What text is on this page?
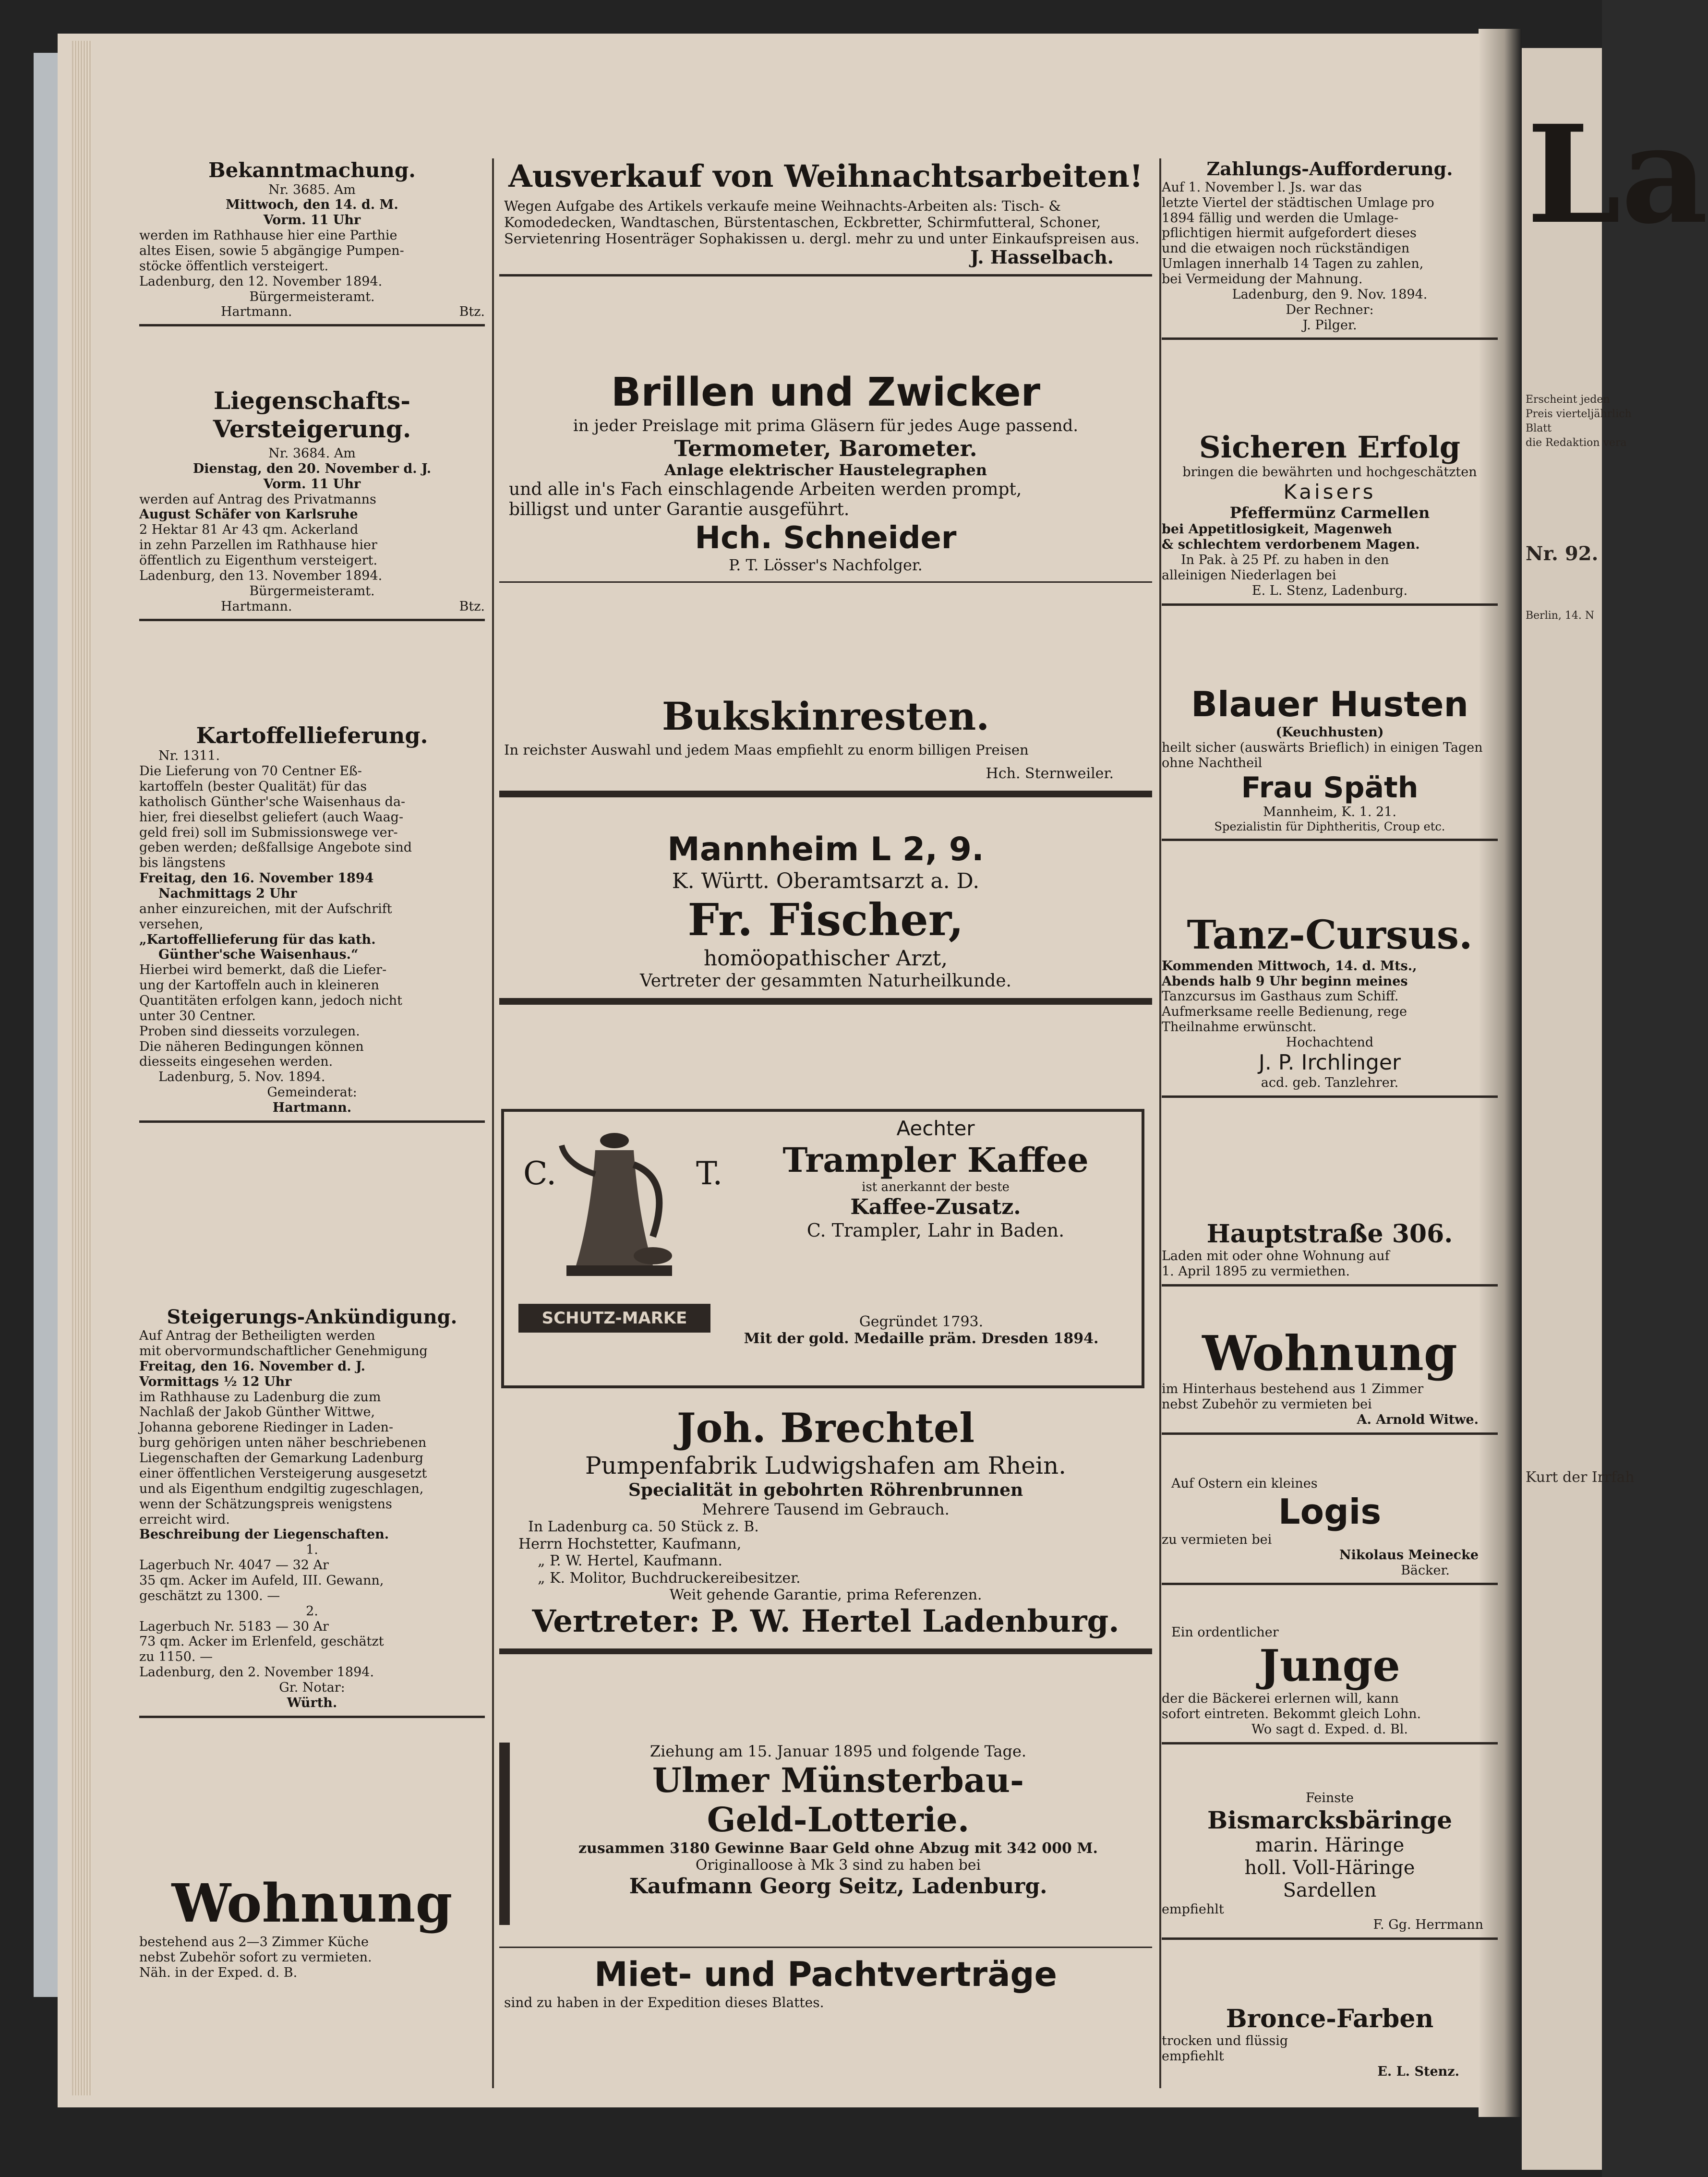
La
Erscheint jeden
Preis vierteljährlich
Blatt
die Redaktion vera
Nr. 92.
Berlin, 14. N
Kurt der Irrfah

Bekanntmachung.

Nr. 3685. Am

Mittwoch, den 14. d. M.

Vorm. 11 Uhr

werden im Rathhause hier eine Parthie

altes Eisen, sowie 5 abgängige Pumpen-

stöcke öffentlich versteigert.

Ladenburg, den 12. November 1894.

Bürgermeisteramt.

Hartmann.	Btz.

Liegenschafts-Versteigerung.

Nr. 3684. Am

Dienstag, den 20. November d. J.

Vorm. 11 Uhr

werden auf Antrag des Privatmanns

August Schäfer von Karlsruhe

2 Hektar 81 Ar 43 qm. Ackerland

in zehn Parzellen im Rathhause hier

öffentlich zu Eigenthum versteigert.

Ladenburg, den 13. November 1894.

Bürgermeisteramt.

Hartmann.	Btz.

Kartoffellieferung.

Nr. 1311.

Die Lieferung von 70 Centner Eß-

kartoffeln (bester Qualität) für das

katholisch Günther'sche Waisenhaus da-

hier, frei dieselbst geliefert (auch Waag-

geld frei) soll im Submissionswege ver-

geben werden; deßfallsige Angebote sind

bis längstens

Freitag, den 16. November 1894

Nachmittags 2 Uhr

anher einzureichen, mit der Aufschrift

versehen,

„Kartoffellieferung für das kath.

Günther'sche Waisenhaus.“

Hierbei wird bemerkt, daß die Liefer-

ung der Kartoffeln auch in kleineren

Quantitäten erfolgen kann, jedoch nicht

unter 30 Centner.

Proben sind diesseits vorzulegen.

Die näheren Bedingungen können

diesseits eingesehen werden.

Ladenburg, 5. Nov. 1894.

Gemeinderat:

Hartmann.

Steigerungs-Ankündigung.

Auf Antrag der Betheiligten werden

mit obervormundschaftlicher Genehmigung

Freitag, den 16. November d. J.

Vormittags ½ 12 Uhr

im Rathhause zu Ladenburg die zum

Nachlaß der Jakob Günther Wittwe,

Johanna geborene Riedinger in Laden-

burg gehörigen unten näher beschriebenen

Liegenschaften der Gemarkung Ladenburg

einer öffentlichen Versteigerung ausgesetzt

und als Eigenthum endgiltig zugeschlagen,

wenn der Schätzungspreis wenigstens

erreicht wird.

Beschreibung der Liegenschaften.

1.

Lagerbuch Nr. 4047 — 32 Ar

35 qm. Acker im Aufeld, III. Gewann,

geschätzt zu 1300. —

2.

Lagerbuch Nr. 5183 — 30 Ar

73 qm. Acker im Erlenfeld, geschätzt

zu 1150. —

Ladenburg, den 2. November 1894.

Gr. Notar:

Würth.

Wohnung

bestehend aus 2—3 Zimmer Küche

nebst Zubehör sofort zu vermieten.

Näh. in der Exped. d. B.

Ausverkauf von Weihnachtsarbeiten!

Wegen Aufgabe des Artikels verkaufe meine Weihnachts-Arbeiten als: Tisch- & Komodedecken, Wandtaschen, Bürstentaschen, Eckbretter, Schirmfutteral, Schoner, Servietenring Hosenträger Sophakissen u. dergl. mehr zu und unter Einkaufspreisen aus.

J. Hasselbach.

Brillen und Zwicker

in jeder Preislage mit prima Gläsern für jedes Auge passend.

Termometer, Barometer.

Anlage elektrischer Haustelegraphen

und alle in's Fach einschlagende Arbeiten werden prompt,

billigst und unter Garantie ausgeführt.

Hch. Schneider

P. T. Lösser's Nachfolger.

Bukskinresten.

In reichster Auswahl und jedem Maas empfiehlt zu enorm billigen Preisen

Hch. Sternweiler.

Mannheim L 2, 9.

K. Württ. Oberamtsarzt a. D.

Fr. Fischer,

homöopathischer Arzt,

Vertreter der gesammten Naturheilkunde.

SCHUTZ-MARKE
C.	T.

Aechter

Trampler Kaffee

ist anerkannt der beste

Kaffee-Zusatz.

C. Trampler, Lahr in Baden.

Gegründet 1793.

Mit der gold. Medaille präm. Dresden 1894.

Joh. Brechtel

Pumpenfabrik Ludwigshafen am Rhein.

Specialität in gebohrten Röhrenbrunnen

Mehrere Tausend im Gebrauch.

In Ladenburg ca. 50 Stück z. B.

Herrn Hochstetter, Kaufmann,

„ P. W. Hertel, Kaufmann.

„ K. Molitor, Buchdruckereibesitzer.

Weit gehende Garantie, prima Referenzen.

Vertreter: P. W. Hertel Ladenburg.

Ziehung am 15. Januar 1895 und folgende Tage.

Ulmer Münsterbau-

Geld-Lotterie.

zusammen 3180 Gewinne Baar Geld ohne Abzug mit 342 000 M.

Originalloose à Mk 3 sind zu haben bei

Kaufmann Georg Seitz, Ladenburg.

Miet- und Pachtverträge

sind zu haben in der Expedition dieses Blattes.

Zahlungs-Aufforderung.

Auf 1. November l. Js. war das

letzte Viertel der städtischen Umlage pro

1894 fällig und werden die Umlage-

pflichtigen hiermit aufgefordert dieses

und die etwaigen noch rückständigen

Umlagen innerhalb 14 Tagen zu zahlen,

bei Vermeidung der Mahnung.

Ladenburg, den 9. Nov. 1894.

Der Rechner:

J. Pilger.

Sicheren Erfolg

bringen die bewährten und hochgeschätzten

Kaisers

Pfeffermünz Carmellen

bei Appetitlosigkeit, Magenweh

& schlechtem verdorbenem Magen.

In Pak. à 25 Pf. zu haben in den

alleinigen Niederlagen bei

E. L. Stenz, Ladenburg.

Blauer Husten

(Keuchhusten)

heilt sicher (auswärts Brieflich) in einigen Tagen ohne Nachtheil

Frau Späth

Mannheim, K. 1. 21.

Spezialistin für Diphtheritis, Croup etc.

Tanz-Cursus.

Kommenden Mittwoch, 14. d. Mts.,

Abends halb 9 Uhr beginn meines

Tanzcursus im Gasthaus zum Schiff.

Aufmerksame reelle Bedienung, rege

Theilnahme erwünscht.

Hochachtend

J. P. Irchlinger

acd. geb. Tanzlehrer.

Hauptstraße 306.

Laden mit oder ohne Wohnung auf

1. April 1895 zu vermiethen.

Wohnung

im Hinterhaus bestehend aus 1 Zimmer

nebst Zubehör zu vermieten bei

A. Arnold Witwe.

Auf Ostern ein kleines

Logis

zu vermieten bei

Nikolaus Meinecke

Bäcker.

Ein ordentlicher

Junge

der die Bäckerei erlernen will, kann

sofort eintreten. Bekommt gleich Lohn.

Wo sagt d. Exped. d. Bl.

Feinste

Bismarcksbäringe

marin. Häringe

holl. Voll-Häringe

Sardellen

empfiehlt

F. Gg. Herrmann

Bronce-Farben

trocken und flüssig

empfiehlt

E. L. Stenz.
